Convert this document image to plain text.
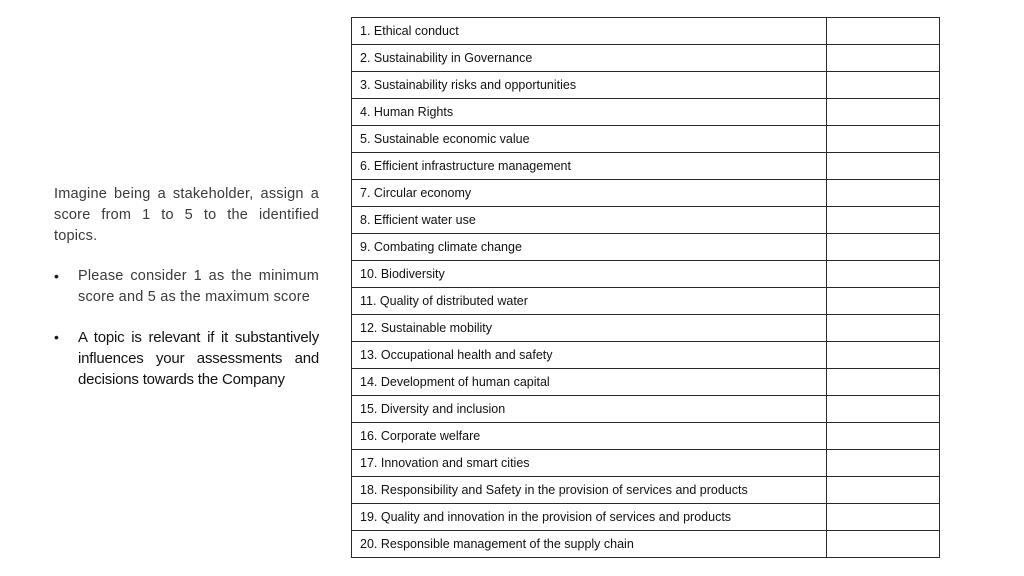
Imagine being a stakeholder, assign a score from 1 to 5 to the identified topics.

•	Please consider 1 as the minimum score and 5 as the maximum score
•	A topic is relevant if it substantively influences your assessments and decisions towards the Company
1. Ethical conduct	
2. Sustainability in Governance	
3. Sustainability risks and opportunities	
4. Human Rights	
5. Sustainable economic value	
6. Efficient infrastructure management	
7. Circular economy	
8. Efficient water use	
9. Combating climate change	
10. Biodiversity	
11. Quality of distributed water	
12. Sustainable mobility	
13. Occupational health and safety	
14. Development of human capital	
15. Diversity and inclusion	
16. Corporate welfare	
17. Innovation and smart cities	
18. Responsibility and Safety in the provision of services and products	
19. Quality and innovation in the provision of services and products	
20. Responsible management of the supply chain	
